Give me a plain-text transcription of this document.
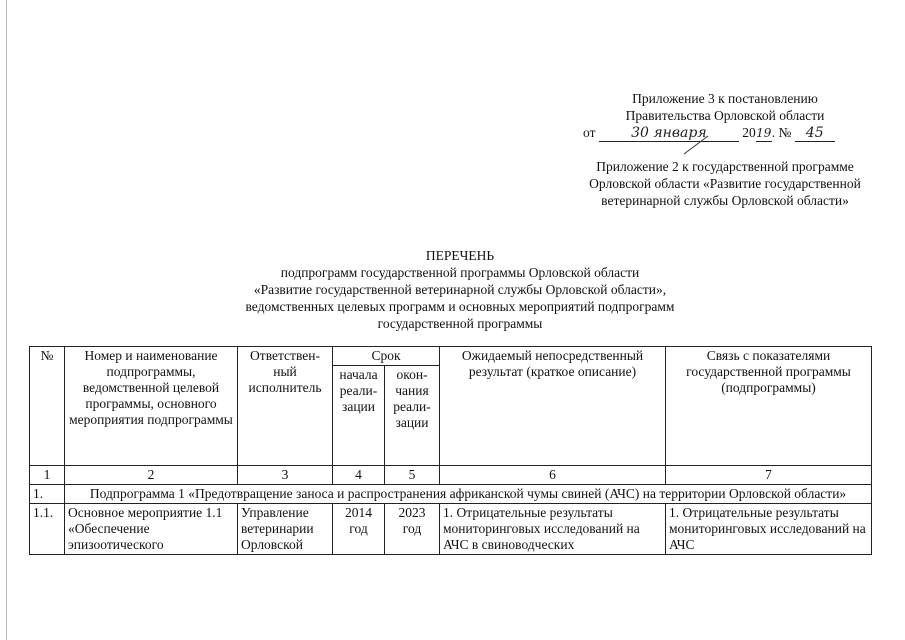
Приложение 3 к постановлению
Правительства Орловской области
от	30 января	2019. № 45
Приложение 2 к государственной программе
Орловской области «Развитие государственной
ветеринарной службы Орловской области»
ПЕРЕЧЕНЬ
подпрограмм государственной программы Орловской области
«Развитие государственной ветеринарной службы Орловской области»,
ведомственных целевых программ и основных мероприятий подпрограмм
государственной программы
№	Номер и наименование подпрограммы, ведомственной целевой программы, основного мероприятия подпрограммы	Ответствен-ный исполнитель	Срок		Ожидаемый непосредственный результат (краткое описание)	Связь с показателями государственной программы (подпрограммы)
			начала реали-зации	окон-чания реали-зации		
1	2	3	4	5	6	7
1.	Подпрограмма 1 «Предотвращение заноса и распространения африканской чумы свиней (АЧС) на территории Орловской области»					
1.1.	Основное мероприятие 1.1 «Обеспечение эпизоотического	Управление ветеринарии Орловской	2014 год	2023 год	1. Отрицательные результаты мониторинговых исследований на АЧС в свиноводческих	1. Отрицательные результаты мониторинговых исследований на АЧС
